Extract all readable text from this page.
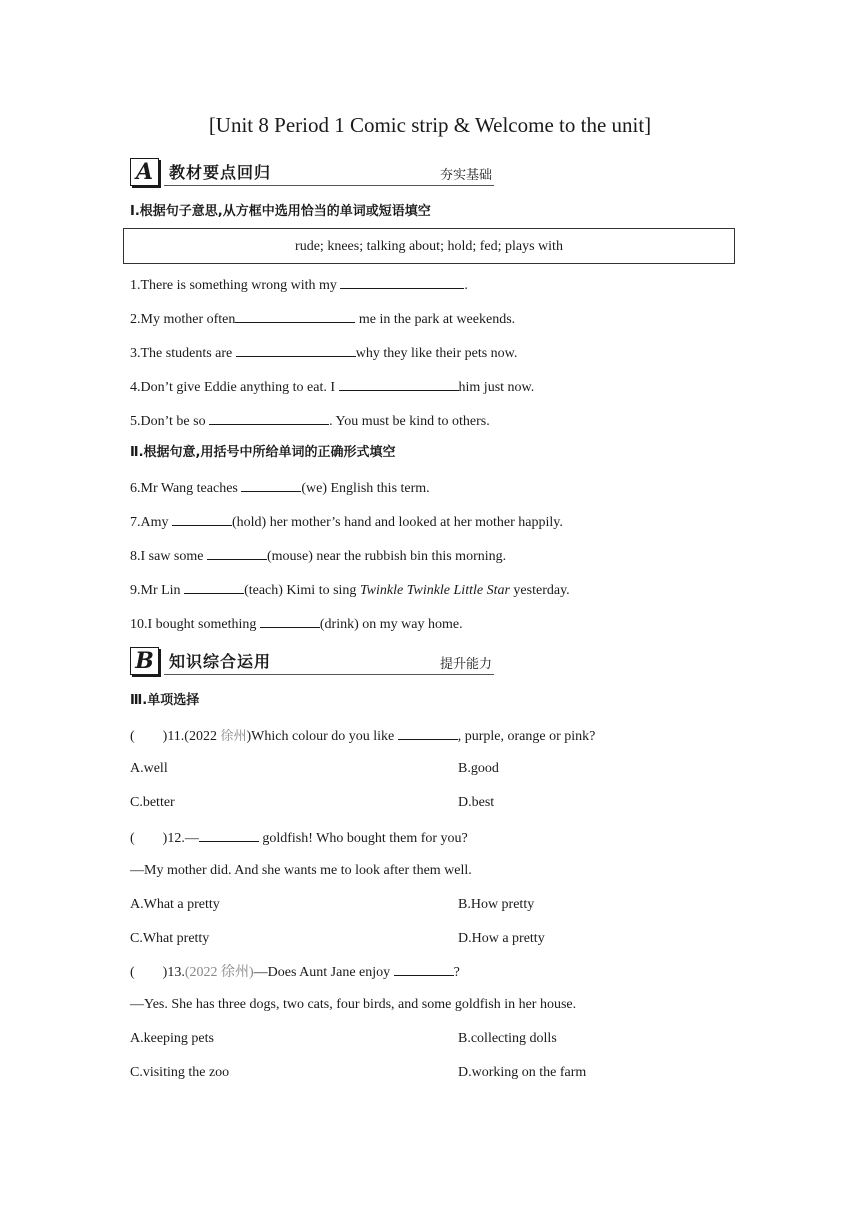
[Unit 8 Period 1 Comic strip & Welcome to the unit]
A 教材要点回归	夯实基础
Ⅰ.根据句子意思,从方框中选用恰当的单词或短语填空
rude; knees; talking about; hold; fed; plays with
1.There is something wrong with my	.
2.My mother often	me in the park at weekends.
3.The students are	why they like their pets now.
4.Don’t give Eddie anything to eat. I	him just now.
5.Don’t be so	. You must be kind to others.
Ⅱ.根据句意,用括号中所给单词的正确形式填空
6.Mr Wang teaches	(we) English this term.
7.Amy	(hold) her mother’s hand and looked at her mother happily.
8.I saw some	(mouse) near the rubbish bin this morning.
9.Mr Lin	(teach) Kimi to sing Twinkle Twinkle Little Star yesterday.
10.I bought something	(drink) on my way home.
B 知识综合运用	提升能力
Ⅲ.单项选择
(        )11.(2022 徐州)Which colour do you like	, purple, orange or pink?
A.well	B.good
C.better	D.best
(        )12.—	goldfish! Who bought them for you?
—My mother did. And she wants me to look after them well.
A.What a pretty	B.How pretty
C.What pretty	D.How a pretty
(        )13.(2022 徐州)—Does Aunt Jane enjoy	?
—Yes. She has three dogs, two cats, four birds, and some goldfish in her house.
A.keeping pets	B.collecting dolls
C.visiting the zoo	D.working on the farm
